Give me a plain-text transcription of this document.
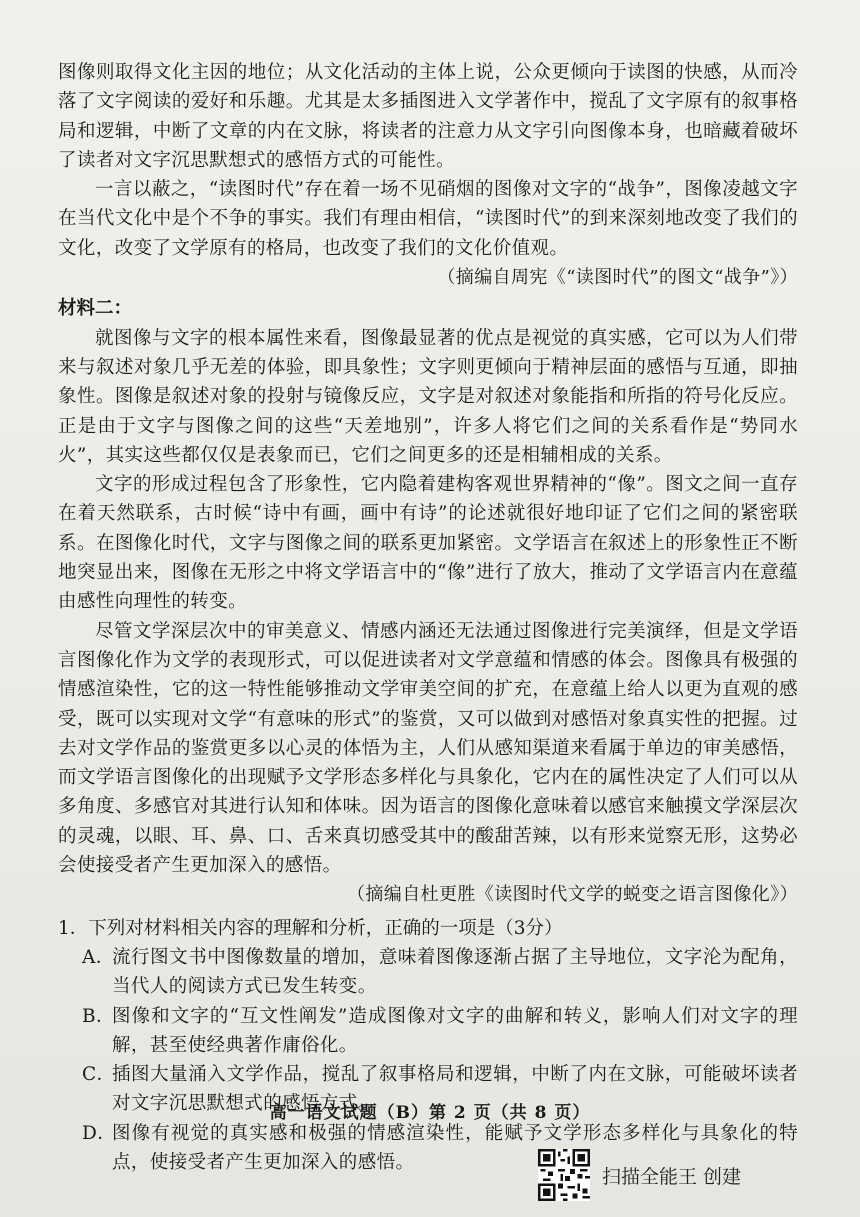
图像则取得文化主因的地位；从文化活动的主体上说，公众更倾向于读图的快感，从而冷落了文字阅读的爱好和乐趣。尤其是太多插图进入文学著作中，搅乱了文字原有的叙事格局和逻辑，中断了文章的内在文脉，将读者的注意力从文字引向图像本身，也暗藏着破坏了读者对文字沉思默想式的感悟方式的可能性。

一言以蔽之，“读图时代”存在着一场不见硝烟的图像对文字的“战争”，图像凌越文字在当代文化中是个不争的事实。我们有理由相信，“读图时代”的到来深刻地改变了我们的文化，改变了文学原有的格局，也改变了我们的文化价值观。

（摘编自周宪《“读图时代”的图文“战争”》）

材料二：

就图像与文字的根本属性来看，图像最显著的优点是视觉的真实感，它可以为人们带来与叙述对象几乎无差的体验，即具象性；文字则更倾向于精神层面的感悟与互通，即抽象性。图像是叙述对象的投射与镜像反应，文字是对叙述对象能指和所指的符号化反应。正是由于文字与图像之间的这些“天差地别”，许多人将它们之间的关系看作是“势同水火”，其实这些都仅仅是表象而已，它们之间更多的还是相辅相成的关系。

文字的形成过程包含了形象性，它内隐着建构客观世界精神的“像”。图文之间一直存在着天然联系，古时候“诗中有画，画中有诗”的论述就很好地印证了它们之间的紧密联系。在图像化时代，文字与图像之间的联系更加紧密。文学语言在叙述上的形象性正不断地突显出来，图像在无形之中将文学语言中的“像”进行了放大，推动了文学语言内在意蕴由感性向理性的转变。

尽管文学深层次中的审美意义、情感内涵还无法通过图像进行完美演绎，但是文学语言图像化作为文学的表现形式，可以促进读者对文学意蕴和情感的体会。图像具有极强的情感渲染性，它的这一特性能够推动文学审美空间的扩充，在意蕴上给人以更为直观的感受，既可以实现对文学“有意味的形式”的鉴赏，又可以做到对感悟对象真实性的把握。过去对文学作品的鉴赏更多以心灵的体悟为主，人们从感知渠道来看属于单边的审美感悟，而文学语言图像化的出现赋予文学形态多样化与具象化，它内在的属性决定了人们可以从多角度、多感官对其进行认知和体味。因为语言的图像化意味着以感官来触摸文学深层次的灵魂，以眼、耳、鼻、口、舌来真切感受其中的酸甜苦辣，以有形来觉察无形，这势必会使接受者产生更加深入的感悟。

（摘编自杜更胜《读图时代文学的蜕变之语言图像化》）

1．下列对材料相关内容的理解和分析，正确的一项是（3分）
A．
流行图文书中图像数量的增加，意味着图像逐渐占据了主导地位，文字沦为配角，当代人的阅读方式已发生转变。
B．
图像和文字的“互文性阐发”造成图像对文字的曲解和转义，影响人们对文字的理解，甚至使经典著作庸俗化。
C．
插图大量涌入文学作品，搅乱了叙事格局和逻辑，中断了内在文脉，可能破坏读者对文字沉思默想式的感悟方式。
D．
图像有视觉的真实感和极强的情感渲染性，能赋予文学形态多样化与具象化的特点，使接受者产生更加深入的感悟。
高一语文试题（B）第 2 页（共 8 页）
扫描全能王 创建
